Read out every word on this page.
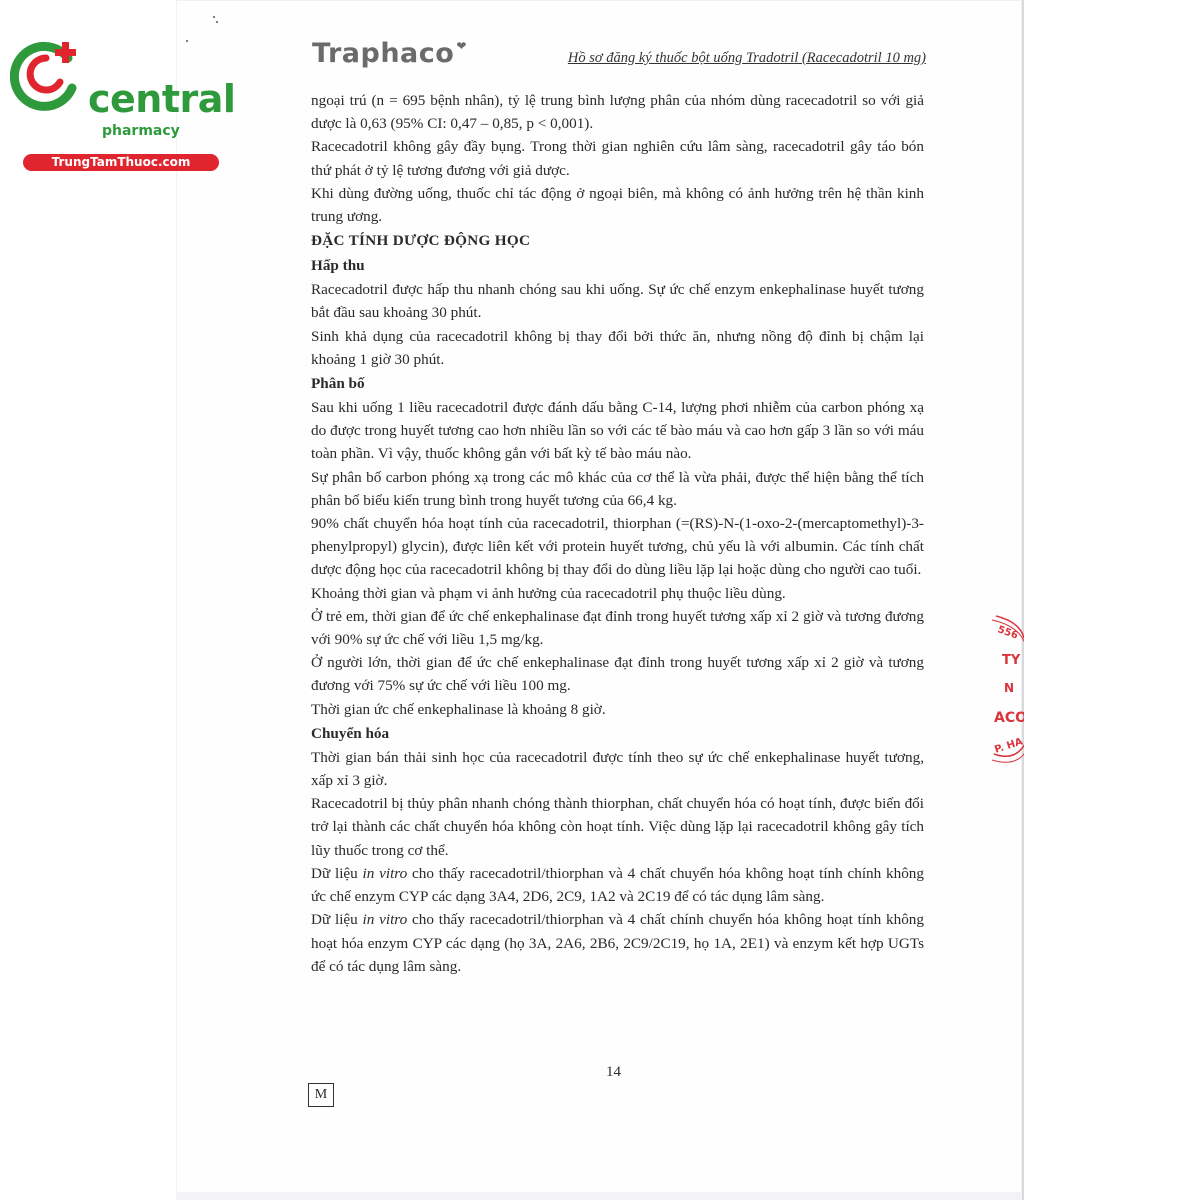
central
pharmacy
TrungTamThuoc.com
Traphaco ❤
Hồ sơ đăng ký thuốc bột uống Tradotril (Racecadotril 10 mg)

ngoại trú (n = 695 bệnh nhân), tỷ lệ trung bình lượng phân của nhóm dùng racecadotril so với giả dược là 0,63 (95% CI: 0,47 – 0,85, p < 0,001).

Racecadotril không gây đầy bụng. Trong thời gian nghiên cứu lâm sàng, racecadotril gây táo bón thứ phát ở tỷ lệ tương đương với giả dược.

Khi dùng đường uống, thuốc chỉ tác động ở ngoại biên, mà không có ảnh hưởng trên hệ thần kinh trung ương.

ĐẶC TÍNH DƯỢC ĐỘNG HỌC
Hấp thu

Racecadotril được hấp thu nhanh chóng sau khi uống. Sự ức chế enzym enkephalinase huyết tương bắt đầu sau khoảng 30 phút.

Sinh khả dụng của racecadotril không bị thay đổi bởi thức ăn, nhưng nồng độ đỉnh bị chậm lại khoảng 1 giờ 30 phút.

Phân bố

Sau khi uống 1 liều racecadotril được đánh dấu bằng C-14, lượng phơi nhiễm của carbon phóng xạ do được trong huyết tương cao hơn nhiều lần so với các tế bào máu và cao hơn gấp 3 lần so với máu toàn phần. Vì vậy, thuốc không gắn với bất kỳ tế bào máu nào.

Sự phân bố carbon phóng xạ trong các mô khác của cơ thể là vừa phải, được thể hiện bằng thể tích phân bố biểu kiến trung bình trong huyết tương của 66,4 kg.

90% chất chuyển hóa hoạt tính của racecadotril, thiorphan (=(RS)-N-(1-oxo-2-(mercaptomethyl)-3-phenylpropyl) glycin), được liên kết với protein huyết tương, chủ yếu là với albumin. Các tính chất dược động học của racecadotril không bị thay đổi do dùng liều lặp lại hoặc dùng cho người cao tuổi.

Khoảng thời gian và phạm vi ảnh hưởng của racecadotril phụ thuộc liều dùng.

Ở trẻ em, thời gian để ức chế enkephalinase đạt đỉnh trong huyết tương xấp xỉ 2 giờ và tương đương với 90% sự ức chế với liều 1,5 mg/kg.

Ở người lớn, thời gian để ức chế enkephalinase đạt đỉnh trong huyết tương xấp xỉ 2 giờ và tương đương với 75% sự ức chế với liều 100 mg.

Thời gian ức chế enkephalinase là khoảng 8 giờ.

Chuyển hóa

Thời gian bán thải sinh học của racecadotril được tính theo sự ức chế enkephalinase huyết tương, xấp xỉ 3 giờ.

Racecadotril bị thủy phân nhanh chóng thành thiorphan, chất chuyển hóa có hoạt tính, được biến đổi trở lại thành các chất chuyển hóa không còn hoạt tính. Việc dùng lặp lại racecadotril không gây tích lũy thuốc trong cơ thể.

Dữ liệu in vitro cho thấy racecadotril/thiorphan và 4 chất chuyển hóa không hoạt tính chính không ức chế enzym CYP các dạng 3A4, 2D6, 2C9, 1A2 và 2C19 để có tác dụng lâm sàng.

Dữ liệu in vitro cho thấy racecadotril/thiorphan và 4 chất chính chuyển hóa không hoạt tính không hoạt hóa enzym CYP các dạng (họ 3A, 2A6, 2B6, 2C9/2C19, họ 1A, 2E1) và enzym kết hợp UGTs để có tác dụng lâm sàng.

14
M
556
TY
N
ACO
P. HA
